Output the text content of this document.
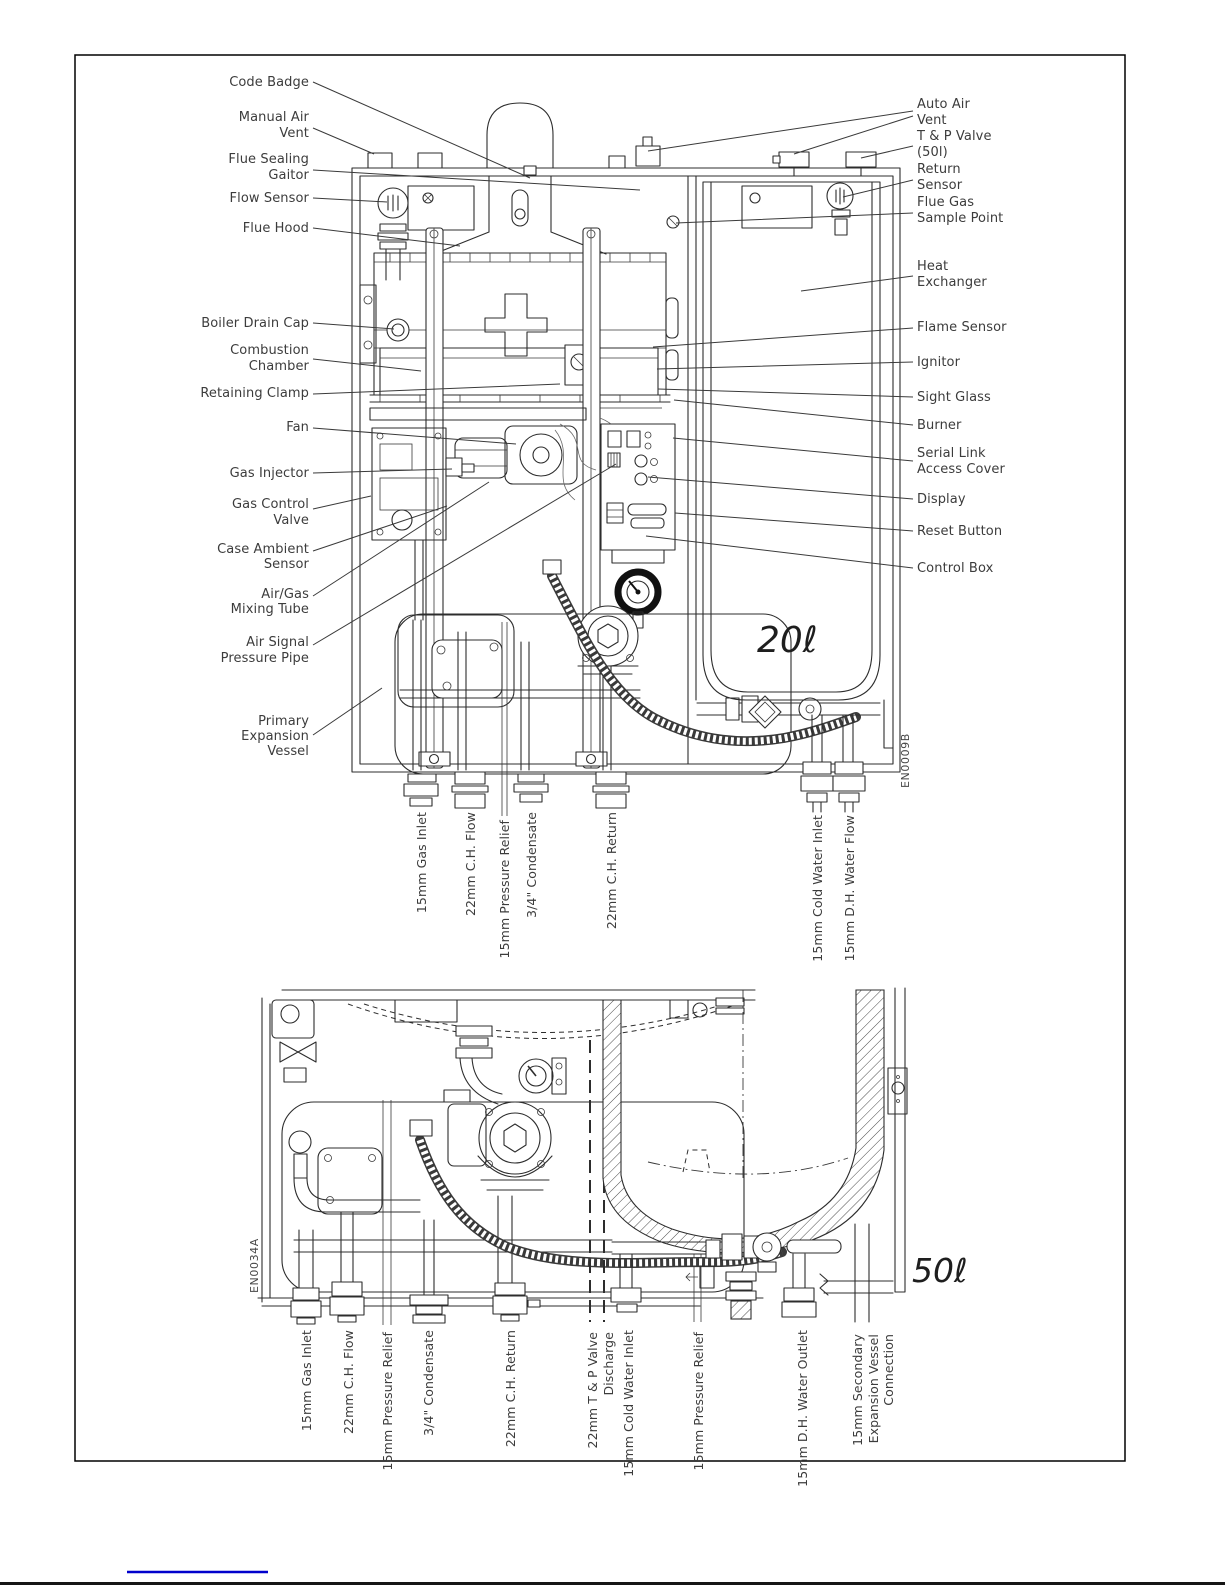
20ℓ
EN0009B
Code Badge
Manual Air
Vent
Flue Sealing
Gaitor
Flow Sensor
Flue Hood
Boiler Drain Cap
Combustion
Chamber
Retaining Clamp
Fan
Gas Injector
Gas Control
Valve
Case Ambient
Sensor
Air/Gas
Mixing Tube
Air Signal
Pressure Pipe
Primary
Expansion
Vessel
Auto Air
Vent
T & P Valve
(50l)
Return
Sensor
Flue Gas
Sample Point
Heat
Exchanger
Flame Sensor
Ignitor
Sight Glass
Burner
Serial Link
Access Cover
Display
Reset Button
Control Box
15mm Gas Inlet	22mm C.H. Flow 15mm Pressure Relief 3/4" Condensate	22mm C.H. Return	15mm Cold Water Inlet 15mm D.H. Water Flow
50ℓ
EN0034A
15mm Gas Inlet 22mm C.H. Flow 15mm Pressure Relief 3/4" Condensate	22mm C.H. Return	22mm T & P Valve Discharge 15mm Cold Water Inlet	15mm Pressure Relief	15mm D.H. Water Outlet	15mm Secondary Expansion Vessel Connection
